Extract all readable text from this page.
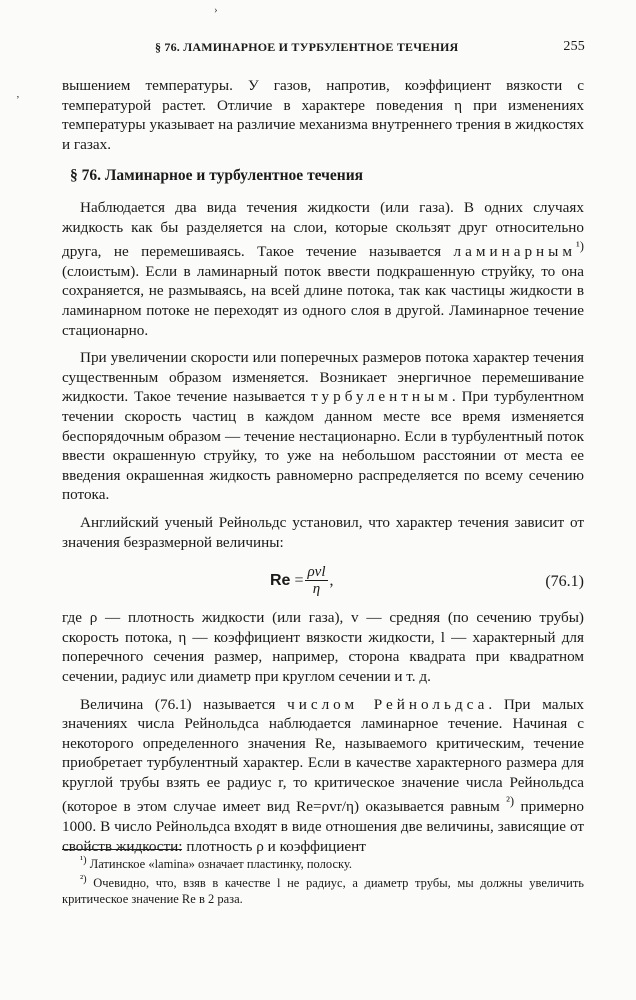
›
‚
§ 76. ЛАМИНАРНОЕ И ТУРБУЛЕНТНОЕ ТЕЧЕНИЯ	255

вышением температуры. У газов, напротив, коэффициент вязкости с температурой растет. Отличие в характере поведения η при изменениях температуры указывает на различие механизма внутреннего трения в жидкостях и газах.

§ 76. Ламинарное и турбулентное течения

Наблюдается два вида течения жидкости (или газа). В одних случаях жидкость как бы разделяется на слои, которые скользят друг относительно друга, не перемешиваясь. Такое течение называется ламинарным$^{^1)}$ (слоистым). Если в ламинарный поток ввести подкрашенную струйку, то она сохраняется, не размываясь, на всей длине потока, так как частицы жидкости в ламинарном потоке не переходят из одного слоя в другой. Ламинарное течение стационарно.

При увеличении скорости или поперечных размеров потока характер течения существенным образом изменяется. Возникает энергичное перемешивание жидкости. Такое течение называется турбулентным. При турбулентном течении скорость частиц в каждом данном месте все время изменяется беспорядочным образом — течение нестационарно. Если в турбулентный поток ввести окрашенную струйку, то уже на небольшом расстоянии от места ее введения окрашенная жидкость равномерно распределяется по всему сечению потока.

Английский ученый Рейнольдс установил, что характер течения зависит от значения безразмерной величины:

$Re = \frac{\text{ρvl}}{\eta}$ ,	(76.1)

где ρ — плотность жидкости (или газа), v — средняя (по сечению трубы) скорость потока, η — коэффициент вязкости жидкости, l — характерный для поперечного сечения размер, например, сторона квадрата при квадратном сечении, радиус или диаметр при круглом сечении и т. д.

Величина (76.1) называется числом Рейнольдса. При малых значениях числа Рейнольдса наблюдается ламинарное течение. Начиная с некоторого определенного значения Re, называемого критическим, течение приобретает турбулентный характер. Если в качестве характерного размера для круглой трубы взять ее радиус r, то критическое значение числа Рейнольдса (которое в этом случае имеет вид Re=ρvr/η) оказывается равным $^{^2)}$ примерно 1000. В число Рейнольдса входят в виде отношения две величины, зависящие от свойств жидкости: плотность ρ и коэффициент

$^{^1)}$ Латинское «lamina» означает пластинку, полоску.

$^{^2)}$ Очевидно, что, взяв в качестве l не радиус, а диаметр трубы, мы должны увеличить критическое значение Re в 2 раза.
